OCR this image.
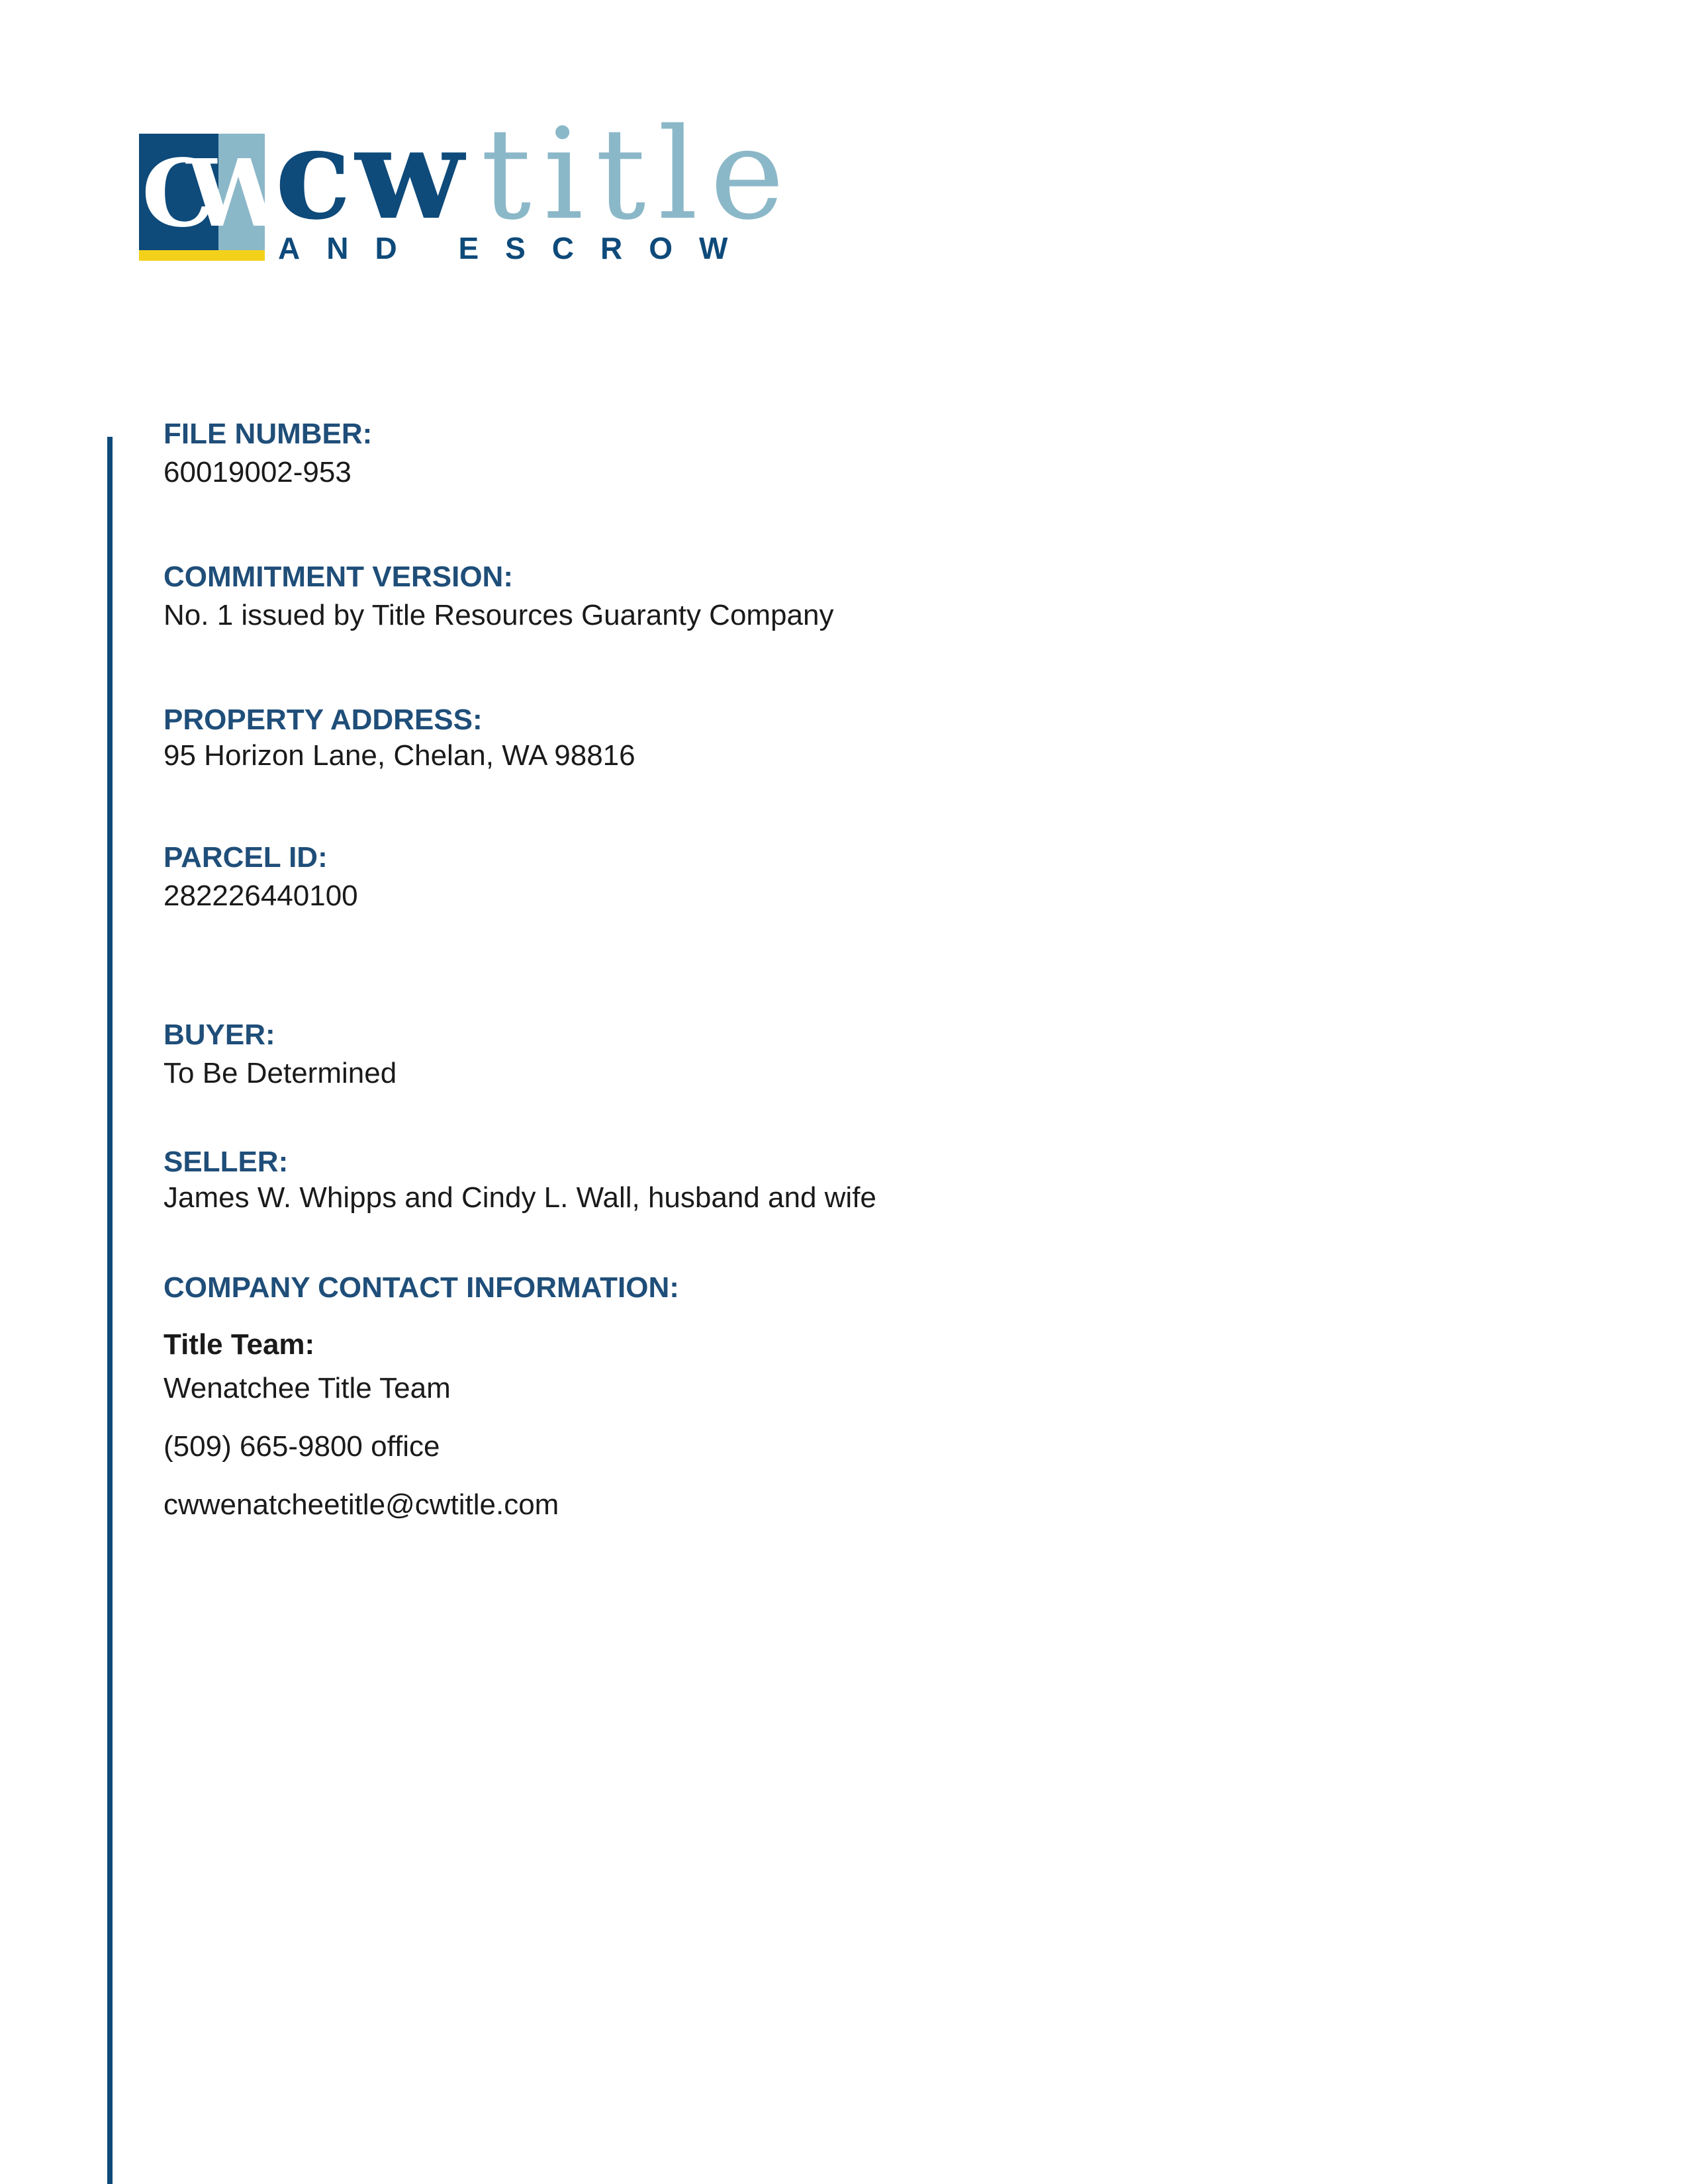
CW cw title
AND ESCROW
FILE NUMBER:
60019002-953
COMMITMENT VERSION:
No. 1 issued by Title Resources Guaranty Company
PROPERTY ADDRESS:
95 Horizon Lane, Chelan, WA 98816
PARCEL ID:
282226440100
BUYER:
To Be Determined
SELLER:
James W. Whipps and Cindy L. Wall, husband and wife
COMPANY CONTACT INFORMATION:
Title Team:
Wenatchee Title Team
(509) 665-9800 office
cwwenatcheetitle@cwtitle.com
